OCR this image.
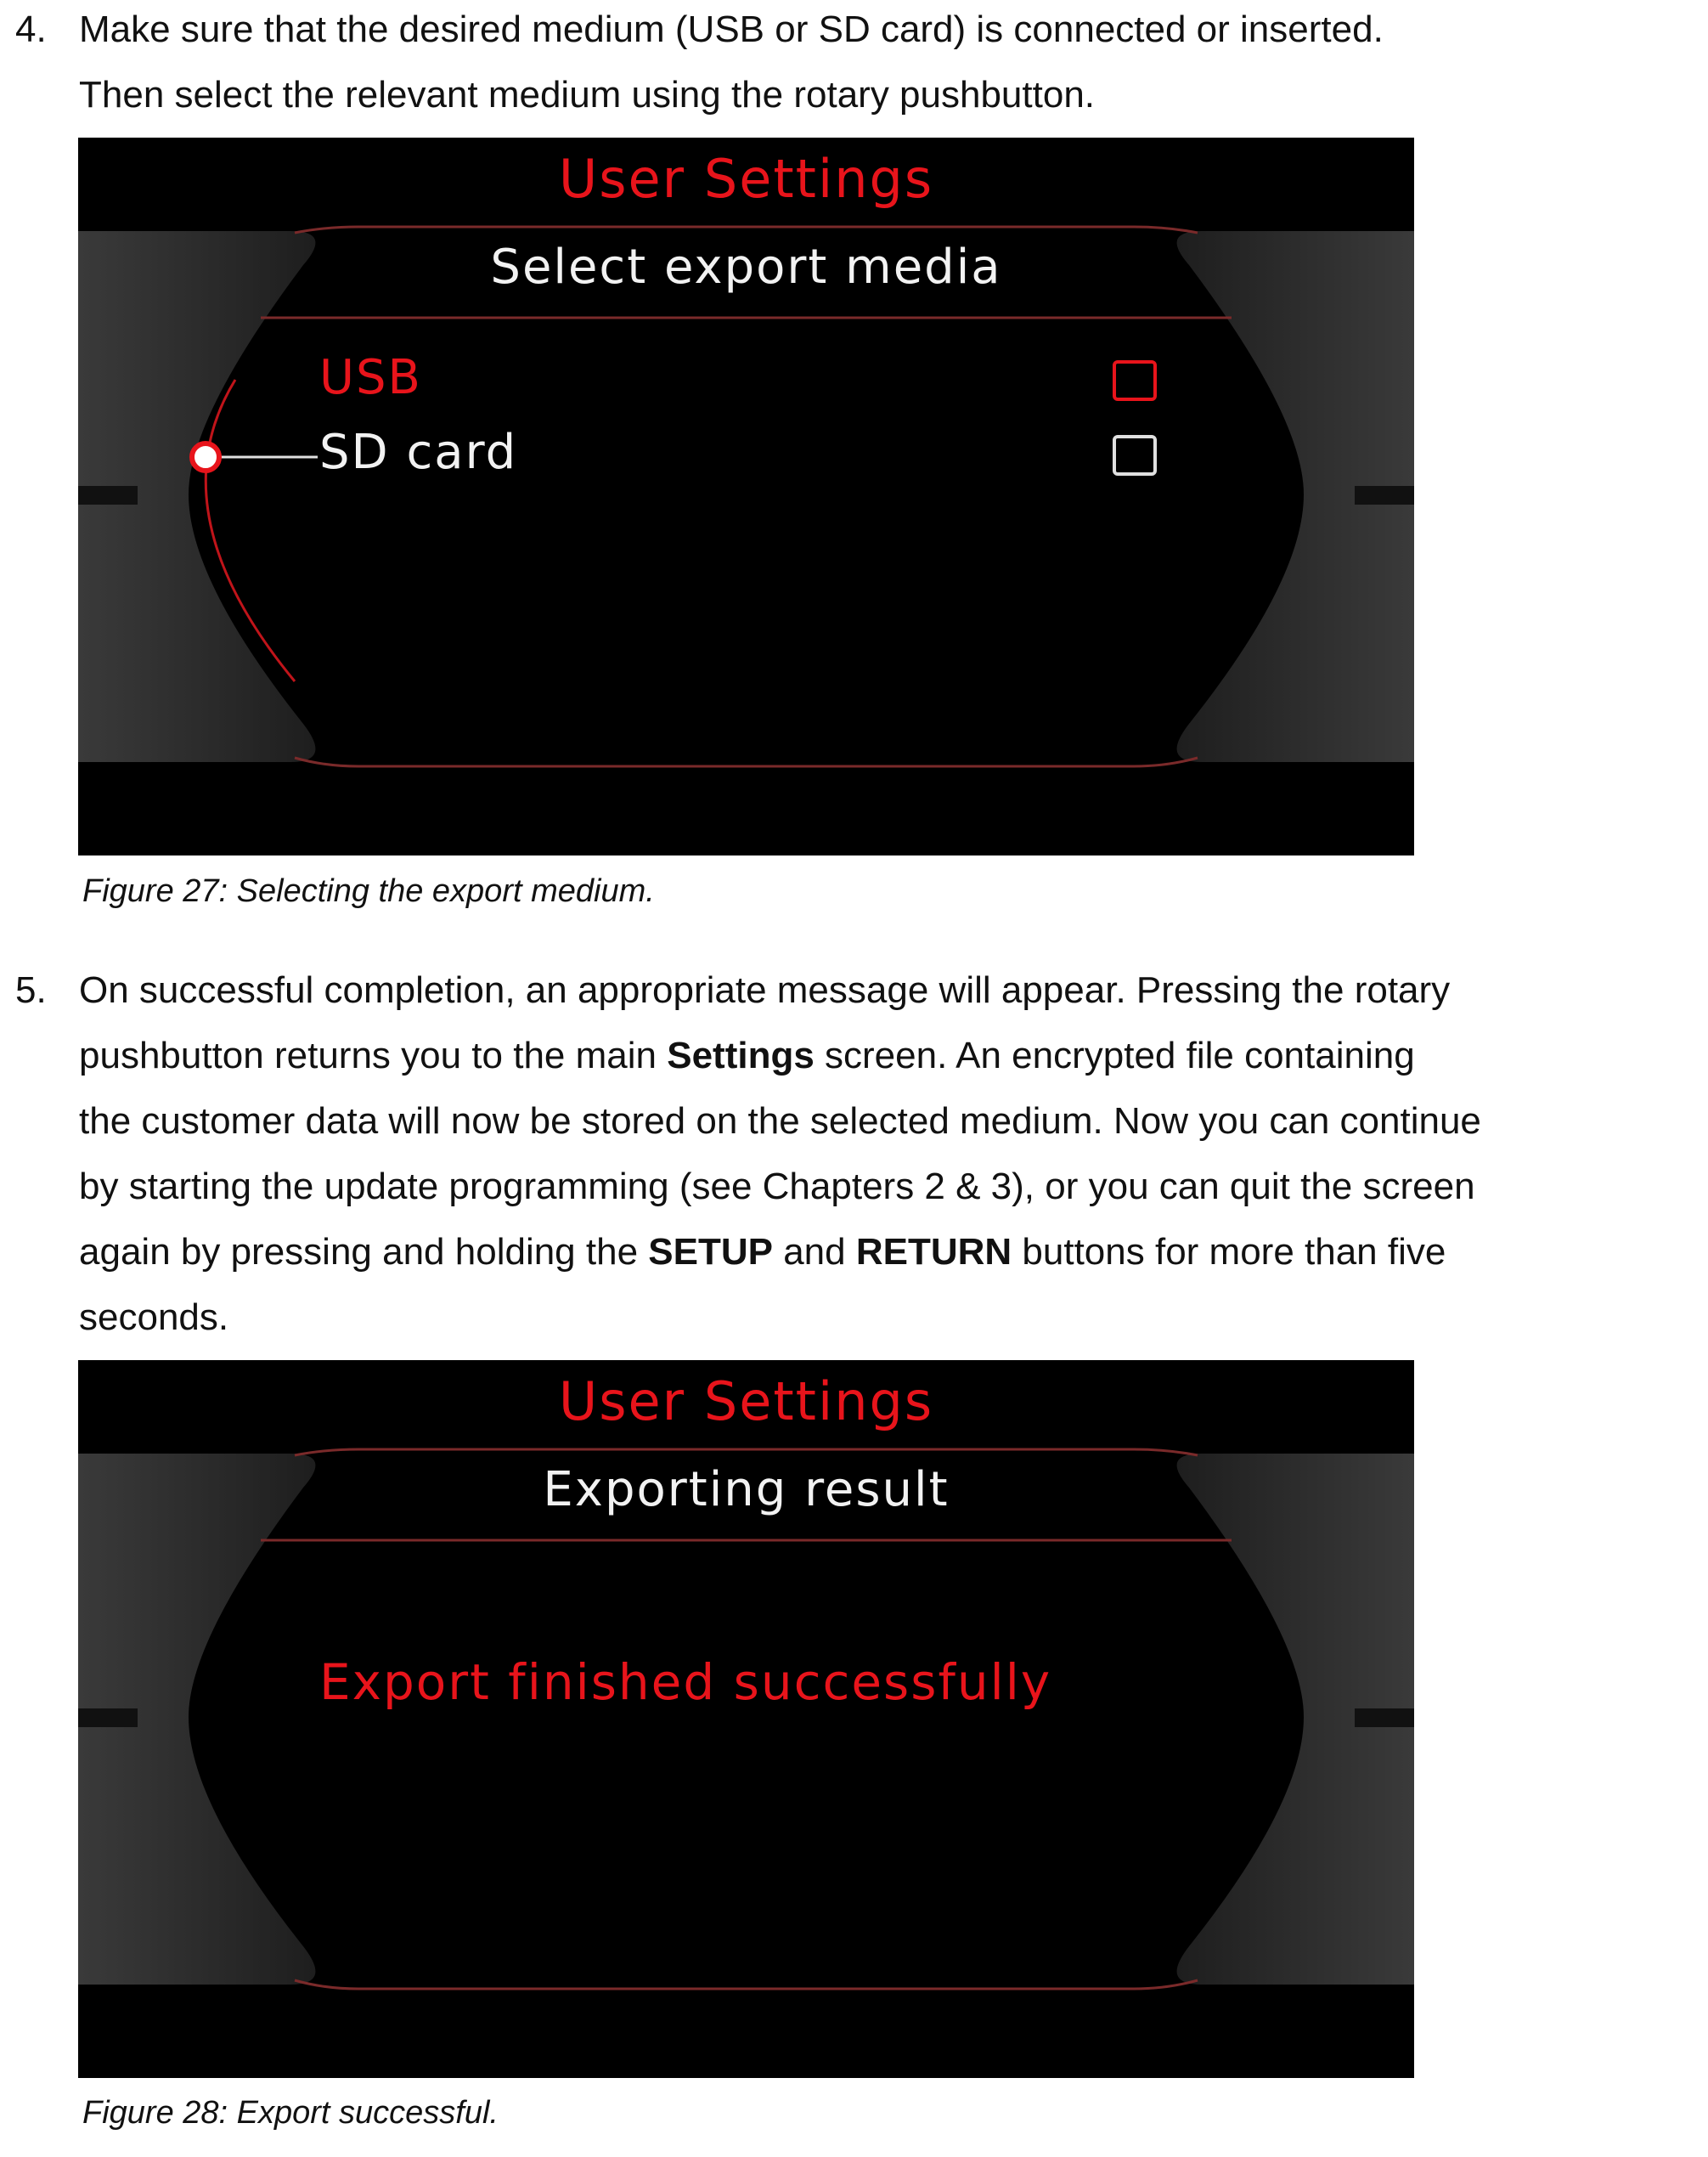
4. Make sure that the desired medium (USB or SD card) is connected or inserted.
Then select the relevant medium using the rotary pushbutton.
User Settings
Select export media
USB
SD card
Figure 27: Selecting the export medium.
5. On successful completion, an appropriate message will appear. Pressing the rotary
pushbutton returns you to the main Settings screen. An encrypted file containing
the customer data will now be stored on the selected medium. Now you can continue
by starting the update programming (see Chapters 2 & 3), or you can quit the screen
again by pressing and holding the SETUP and RETURN buttons for more than five
seconds.
User Settings
Exporting result
Export finished successfully
Figure 28: Export successful.
